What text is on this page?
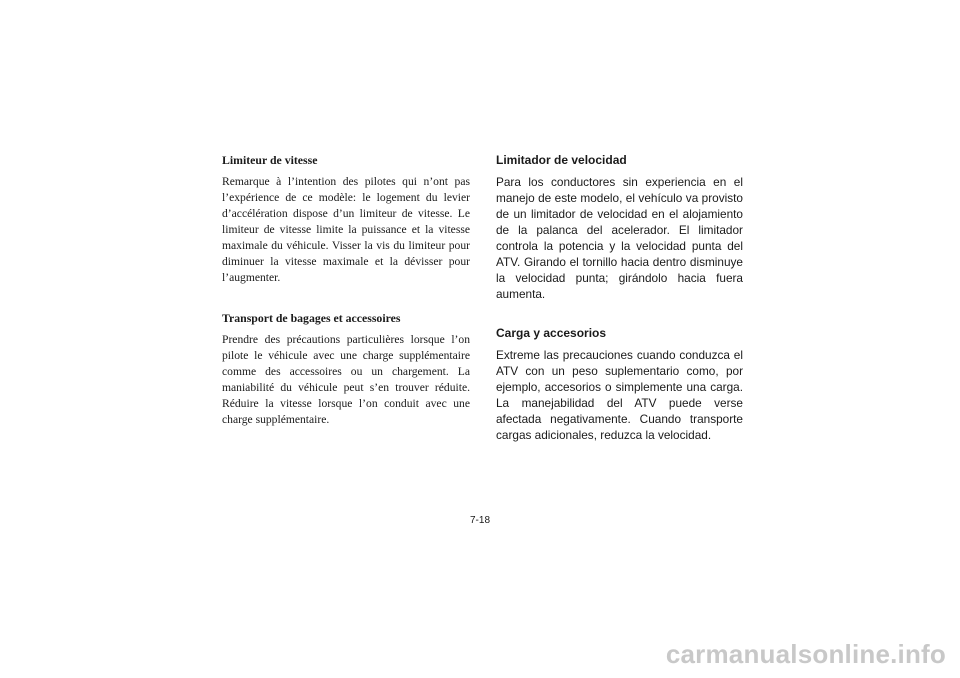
Limiteur de vitesse

Remarque à l’intention des pilotes qui n’ont pas l’expérience de ce modèle: le logement du levier d’accélération dispose d’un limiteur de vitesse. Le limiteur de vitesse limite la puissance et la vitesse maximale du véhicule. Visser la vis du limiteur pour diminuer la vitesse maximale et la dévisser pour l’augmenter.

Transport de bagages et accessoires

Prendre des précautions particulières lorsque l’on pilote le véhicule avec une charge supplémentaire comme des accessoires ou un chargement. La maniabilité du véhicule peut s’en trouver réduite. Réduire la vitesse lorsque l’on conduit avec une charge supplémentaire.

Limitador de velocidad

Para los conductores sin experiencia en el manejo de este modelo, el vehículo va provisto de un limitador de velocidad en el alojamiento de la palanca del acelerador. El limitador controla la potencia y la velocidad punta del ATV. Girando el tornillo hacia dentro disminuye la velocidad punta; girándolo hacia fuera aumenta.

Carga y accesorios

Extreme las precauciones cuando conduzca el ATV con un peso suplementario como, por ejemplo, accesorios o simplemente una carga. La manejabilidad del ATV puede verse afectada negativamente. Cuando transporte cargas adicionales, reduzca la velocidad.

7-18
carmanualsonline.info
